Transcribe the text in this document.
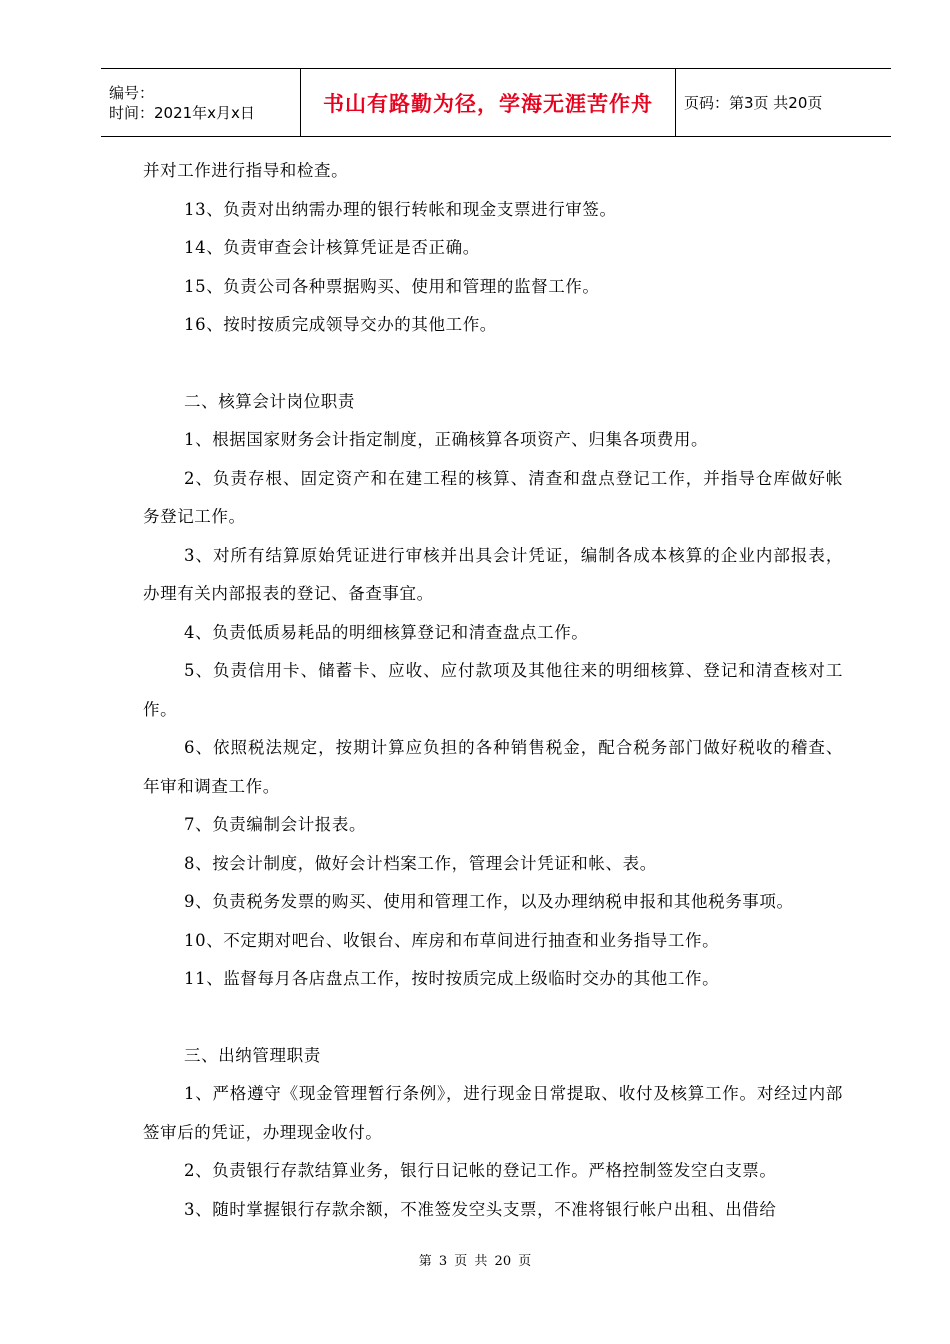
编号：
时间：2021年x月x日	书山有路勤为径，学海无涯苦作舟 页码：第3页 共20页

并对工作进行指导和检查。

13、负责对出纳需办理的银行转帐和现金支票进行审签。

14、负责审查会计核算凭证是否正确。

15、负责公司各种票据购买、使用和管理的监督工作。

16、按时按质完成领导交办的其他工作。

二、核算会计岗位职责

1、根据国家财务会计指定制度，正确核算各项资产、归集各项费用。

2、负责存根、固定资产和在建工程的核算、清查和盘点登记工作，并指导仓库做好帐务登记工作。

3、对所有结算原始凭证进行审核并出具会计凭证，编制各成本核算的企业内部报表，办理有关内部报表的登记、备查事宜。

4、负责低质易耗品的明细核算登记和清查盘点工作。

5、负责信用卡、储蓄卡、应收、应付款项及其他往来的明细核算、登记和清查核对工作。

6、依照税法规定，按期计算应负担的各种销售税金，配合税务部门做好税收的稽查、年审和调查工作。

7、负责编制会计报表。

8、按会计制度，做好会计档案工作，管理会计凭证和帐、表。

9、负责税务发票的购买、使用和管理工作，以及办理纳税申报和其他税务事项。

10、不定期对吧台、收银台、库房和布草间进行抽查和业务指导工作。

11、监督每月各店盘点工作，按时按质完成上级临时交办的其他工作。

三、出纳管理职责

1、严格遵守《现金管理暂行条例》，进行现金日常提取、收付及核算工作。对经过内部签审后的凭证，办理现金收付。

2、负责银行存款结算业务，银行日记帐的登记工作。严格控制签发空白支票。

3、随时掌握银行存款余额，不准签发空头支票，不准将银行帐户出租、出借给

第 3 页 共 20 页
